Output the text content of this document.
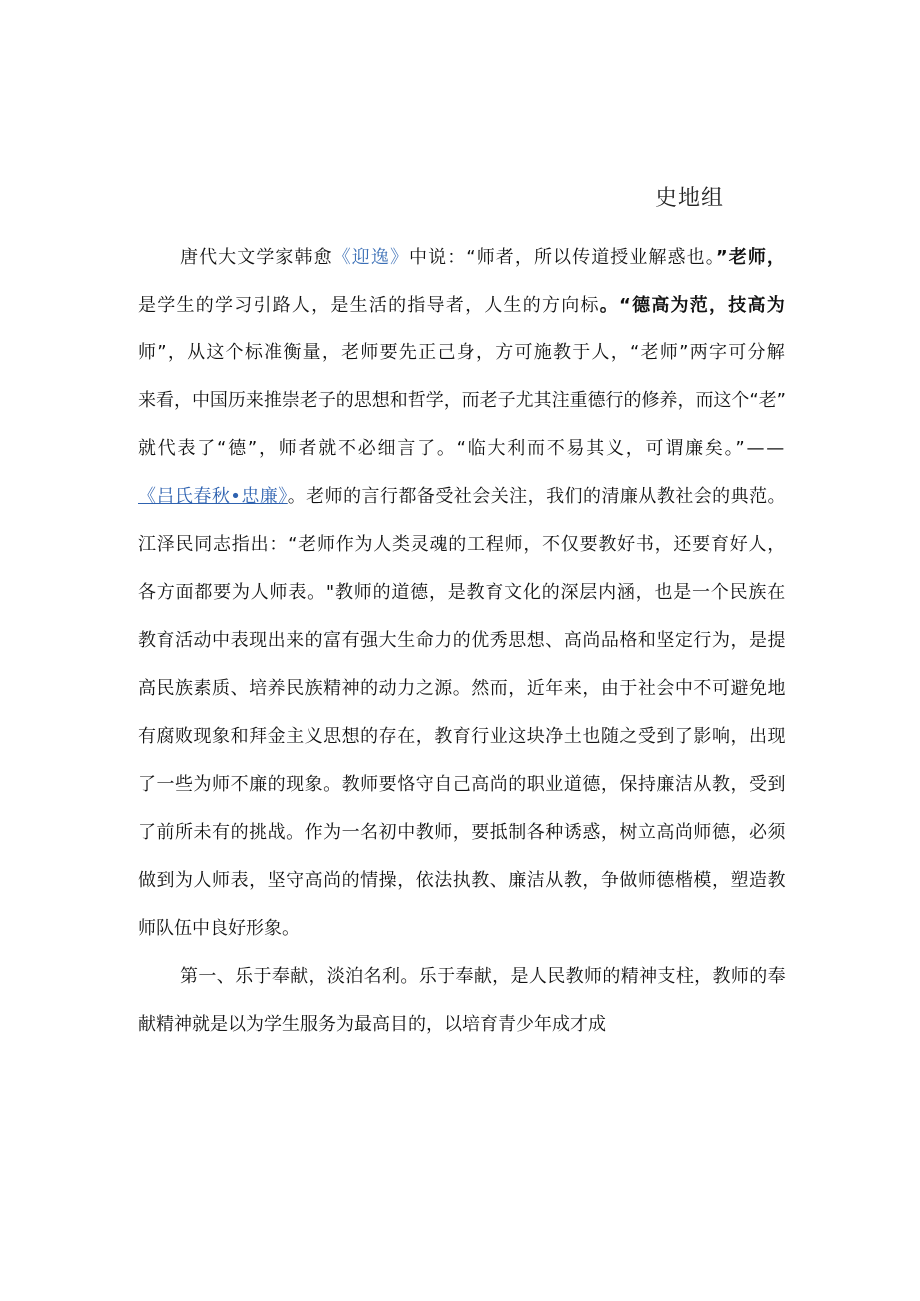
史地组
唐代大文学家韩愈《迎逸》中说：“师者，所以传道授业解惑也。”老师，
是学生的学习引路人，是生活的指导者，人生的方向标。“德高为范，技高为
师”，从这个标准衡量，老师要先正己身，方可施教于人，“老师”两字可分解
来看，中国历来推崇老子的思想和哲学，而老子尤其注重德行的修养，而这个“老”
就代表了“德”，师者就不必细言了。“临大利而不易其义，可谓廉矣。”——
《吕氏春秋•忠廉》。老师的言行都备受社会关注，我们的清廉从教社会的典范。
江泽民同志指出：“老师作为人类灵魂的工程师，不仅要教好书，还要育好人，
各方面都要为人师表。"教师的道德，是教育文化的深层内涵，也是一个民族在
教育活动中表现出来的富有强大生命力的优秀思想、高尚品格和坚定行为，是提
高民族素质、培养民族精神的动力之源。然而，近年来，由于社会中不可避免地
有腐败现象和拜金主义思想的存在，教育行业这块净土也随之受到了影响，出现
了一些为师不廉的现象。教师要恪守自己高尚的职业道德，保持廉洁从教，受到
了前所未有的挑战。作为一名初中教师，要抵制各种诱惑，树立高尚师德，必须
做到为人师表，坚守高尚的情操，依法执教、廉洁从教，争做师德楷模，塑造教
师队伍中良好形象。
第一、乐于奉献，淡泊名利。乐于奉献，是人民教师的精神支柱，教师的奉
献精神就是以为学生服务为最高目的，以培育青少年成才成
